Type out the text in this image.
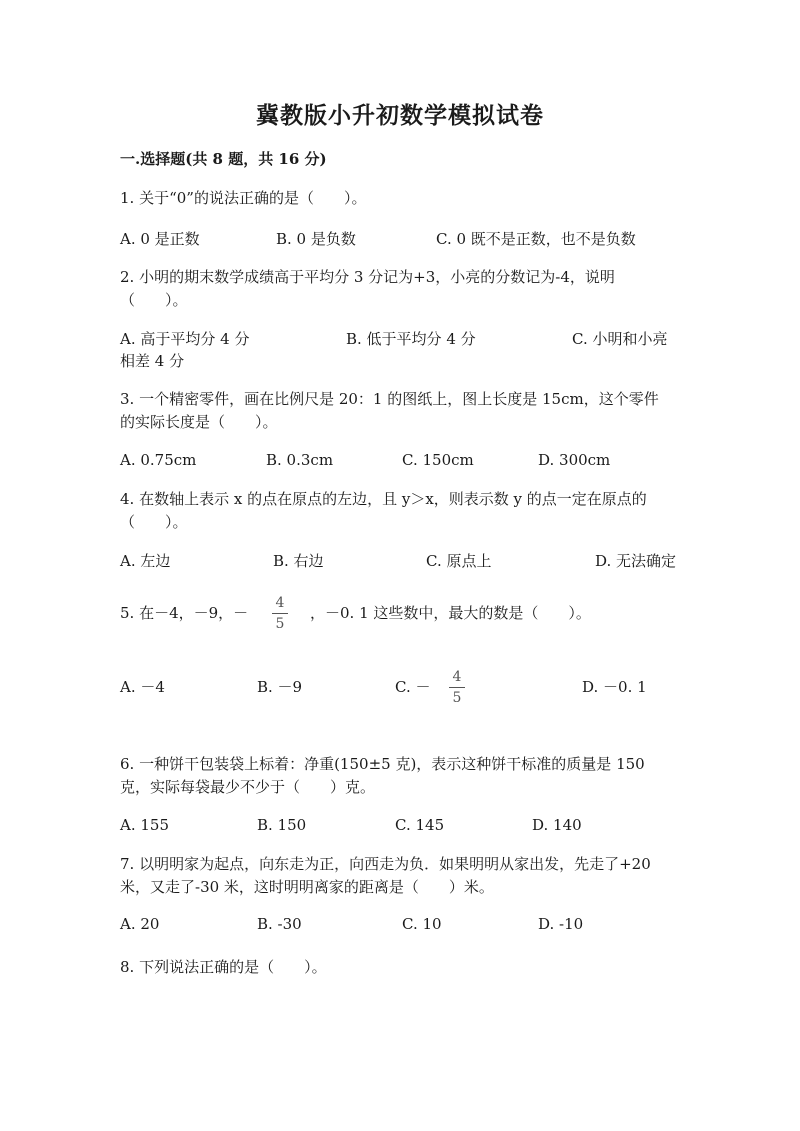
冀教版小升初数学模拟试卷
一.选择题(共 8 题，共 16 分)
1. 关于“0”的说法正确的是（　　）。
A. 0 是正数	B. 0 是负数	C. 0 既不是正数，也不是负数
2. 小明的期末数学成绩高于平均分 3 分记为+3，小亮的分数记为-4，说明
（　　）。
A. 高于平均分 4 分	B. 低于平均分 4 分	C. 小明和小亮
相差 4 分
3. 一个精密零件，画在比例尺是 20：1 的图纸上，图上长度是 15cm，这个零件
的实际长度是（　　）。
A. 0.75cm	B. 0.3cm	C. 150cm	D. 300cm
4. 在数轴上表示 x 的点在原点的左边，且 y＞x，则表示数 y 的点一定在原点的
（　　）。
A. 左边	B. 右边	C. 原点上	D. 无法确定
5. 在－4，－9，－
4
5
，－0. 1 这些数中，最大的数是（　　）。
A. －4	B. －9	C. －
4
5
D. －0. 1
6. 一种饼干包装袋上标着：净重(150±5 克)，表示这种饼干标准的质量是 150
克，实际每袋最少不少于（　　）克。
A. 155	B. 150	C. 145	D. 140
7. 以明明家为起点，向东走为正，向西走为负．如果明明从家出发，先走了+20
米，又走了-30 米，这时明明离家的距离是（　　）米。
A. 20	B. -30	C. 10	D. -10
8. 下列说法正确的是（　　）。
